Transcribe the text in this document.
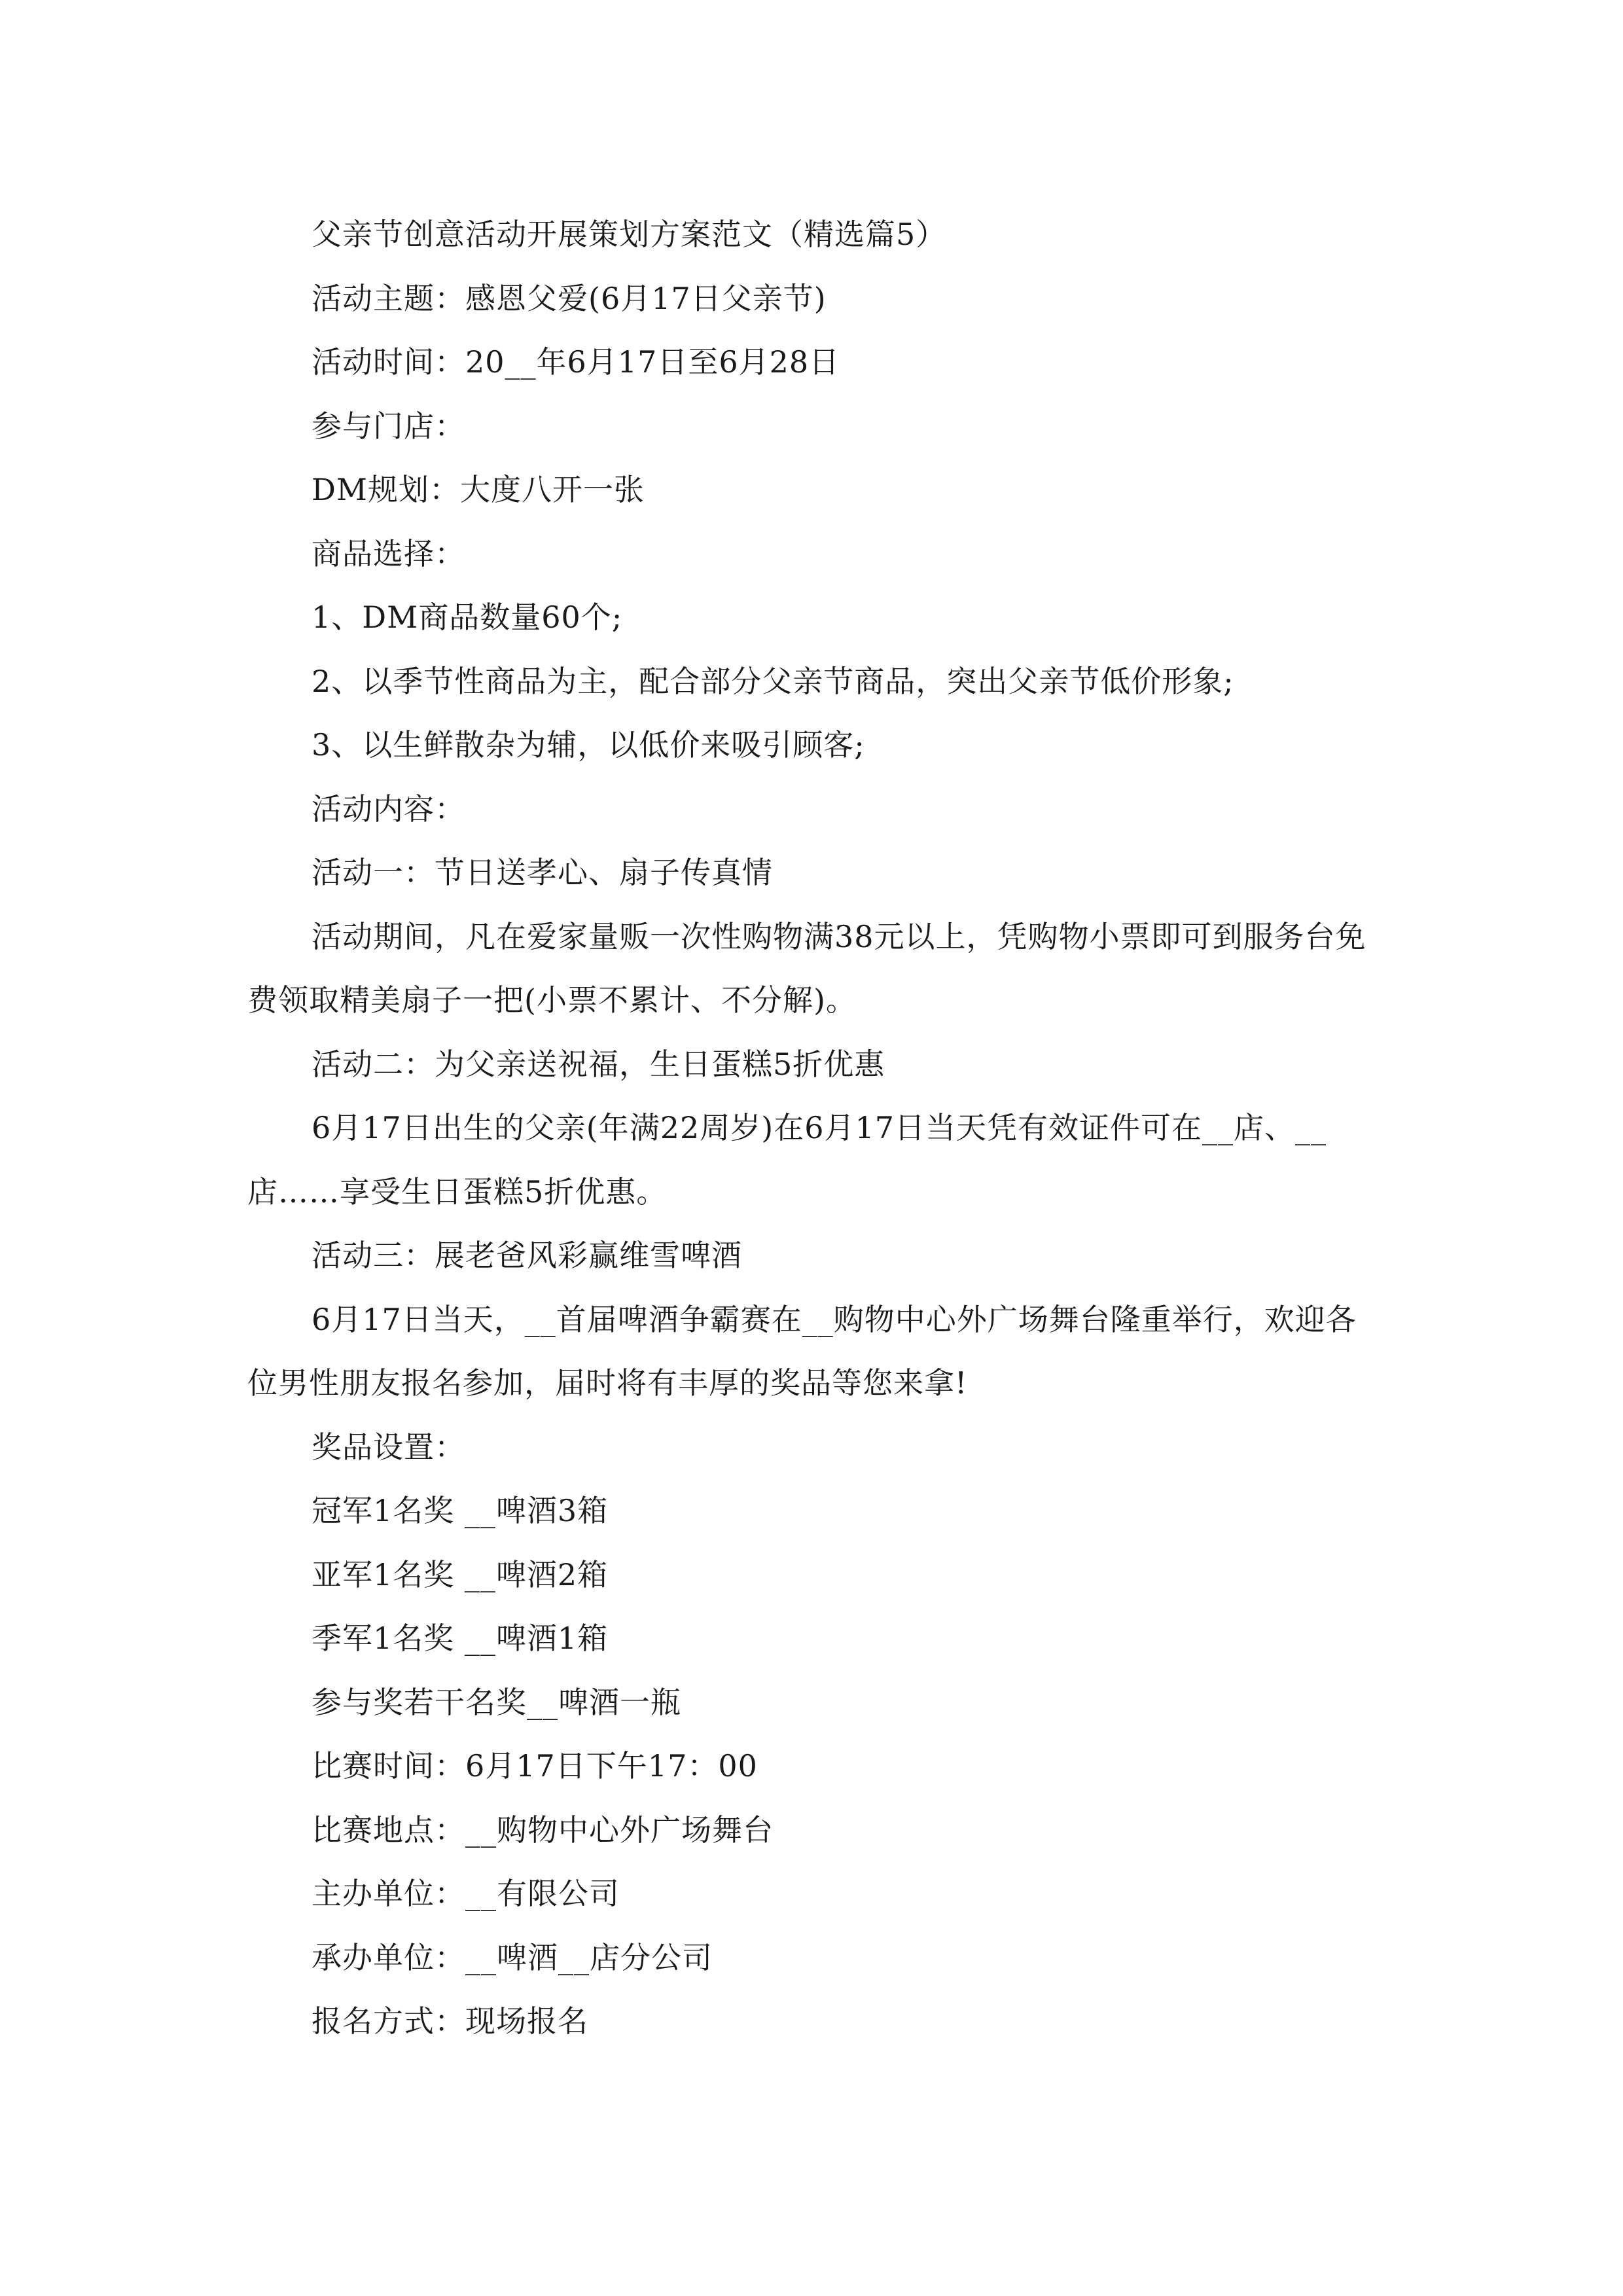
父亲节创意活动开展策划方案范文（精选篇5）

活动主题：感恩父爱(6月17日父亲节)

活动时间：20__年6月17日至6月28日

参与门店：

DM规划：大度八开一张

商品选择：

1、DM商品数量60个;

2、以季节性商品为主，配合部分父亲节商品，突出父亲节低价形象;

3、以生鲜散杂为辅，以低价来吸引顾客;

活动内容：

活动一：节日送孝心、扇子传真情

活动期间，凡在爱家量贩一次性购物满38元以上，凭购物小票即可到服务台免费领取精美扇子一把(小票不累计、不分解)。

活动二：为父亲送祝福，生日蛋糕5折优惠

6月17日出生的父亲(年满22周岁)在6月17日当天凭有效证件可在__店、__店……享受生日蛋糕5折优惠。

活动三：展老爸风彩赢维雪啤酒

6月17日当天，__首届啤酒争霸赛在__购物中心外广场舞台隆重举行，欢迎各位男性朋友报名参加，届时将有丰厚的奖品等您来拿!

奖品设置：

冠军1名奖 __啤酒3箱

亚军1名奖 __啤酒2箱

季军1名奖 __啤酒1箱

参与奖若干名奖__啤酒一瓶

比赛时间：6月17日下午17：00

比赛地点：__购物中心外广场舞台

主办单位：__有限公司

承办单位：__啤酒__店分公司

报名方式：现场报名
